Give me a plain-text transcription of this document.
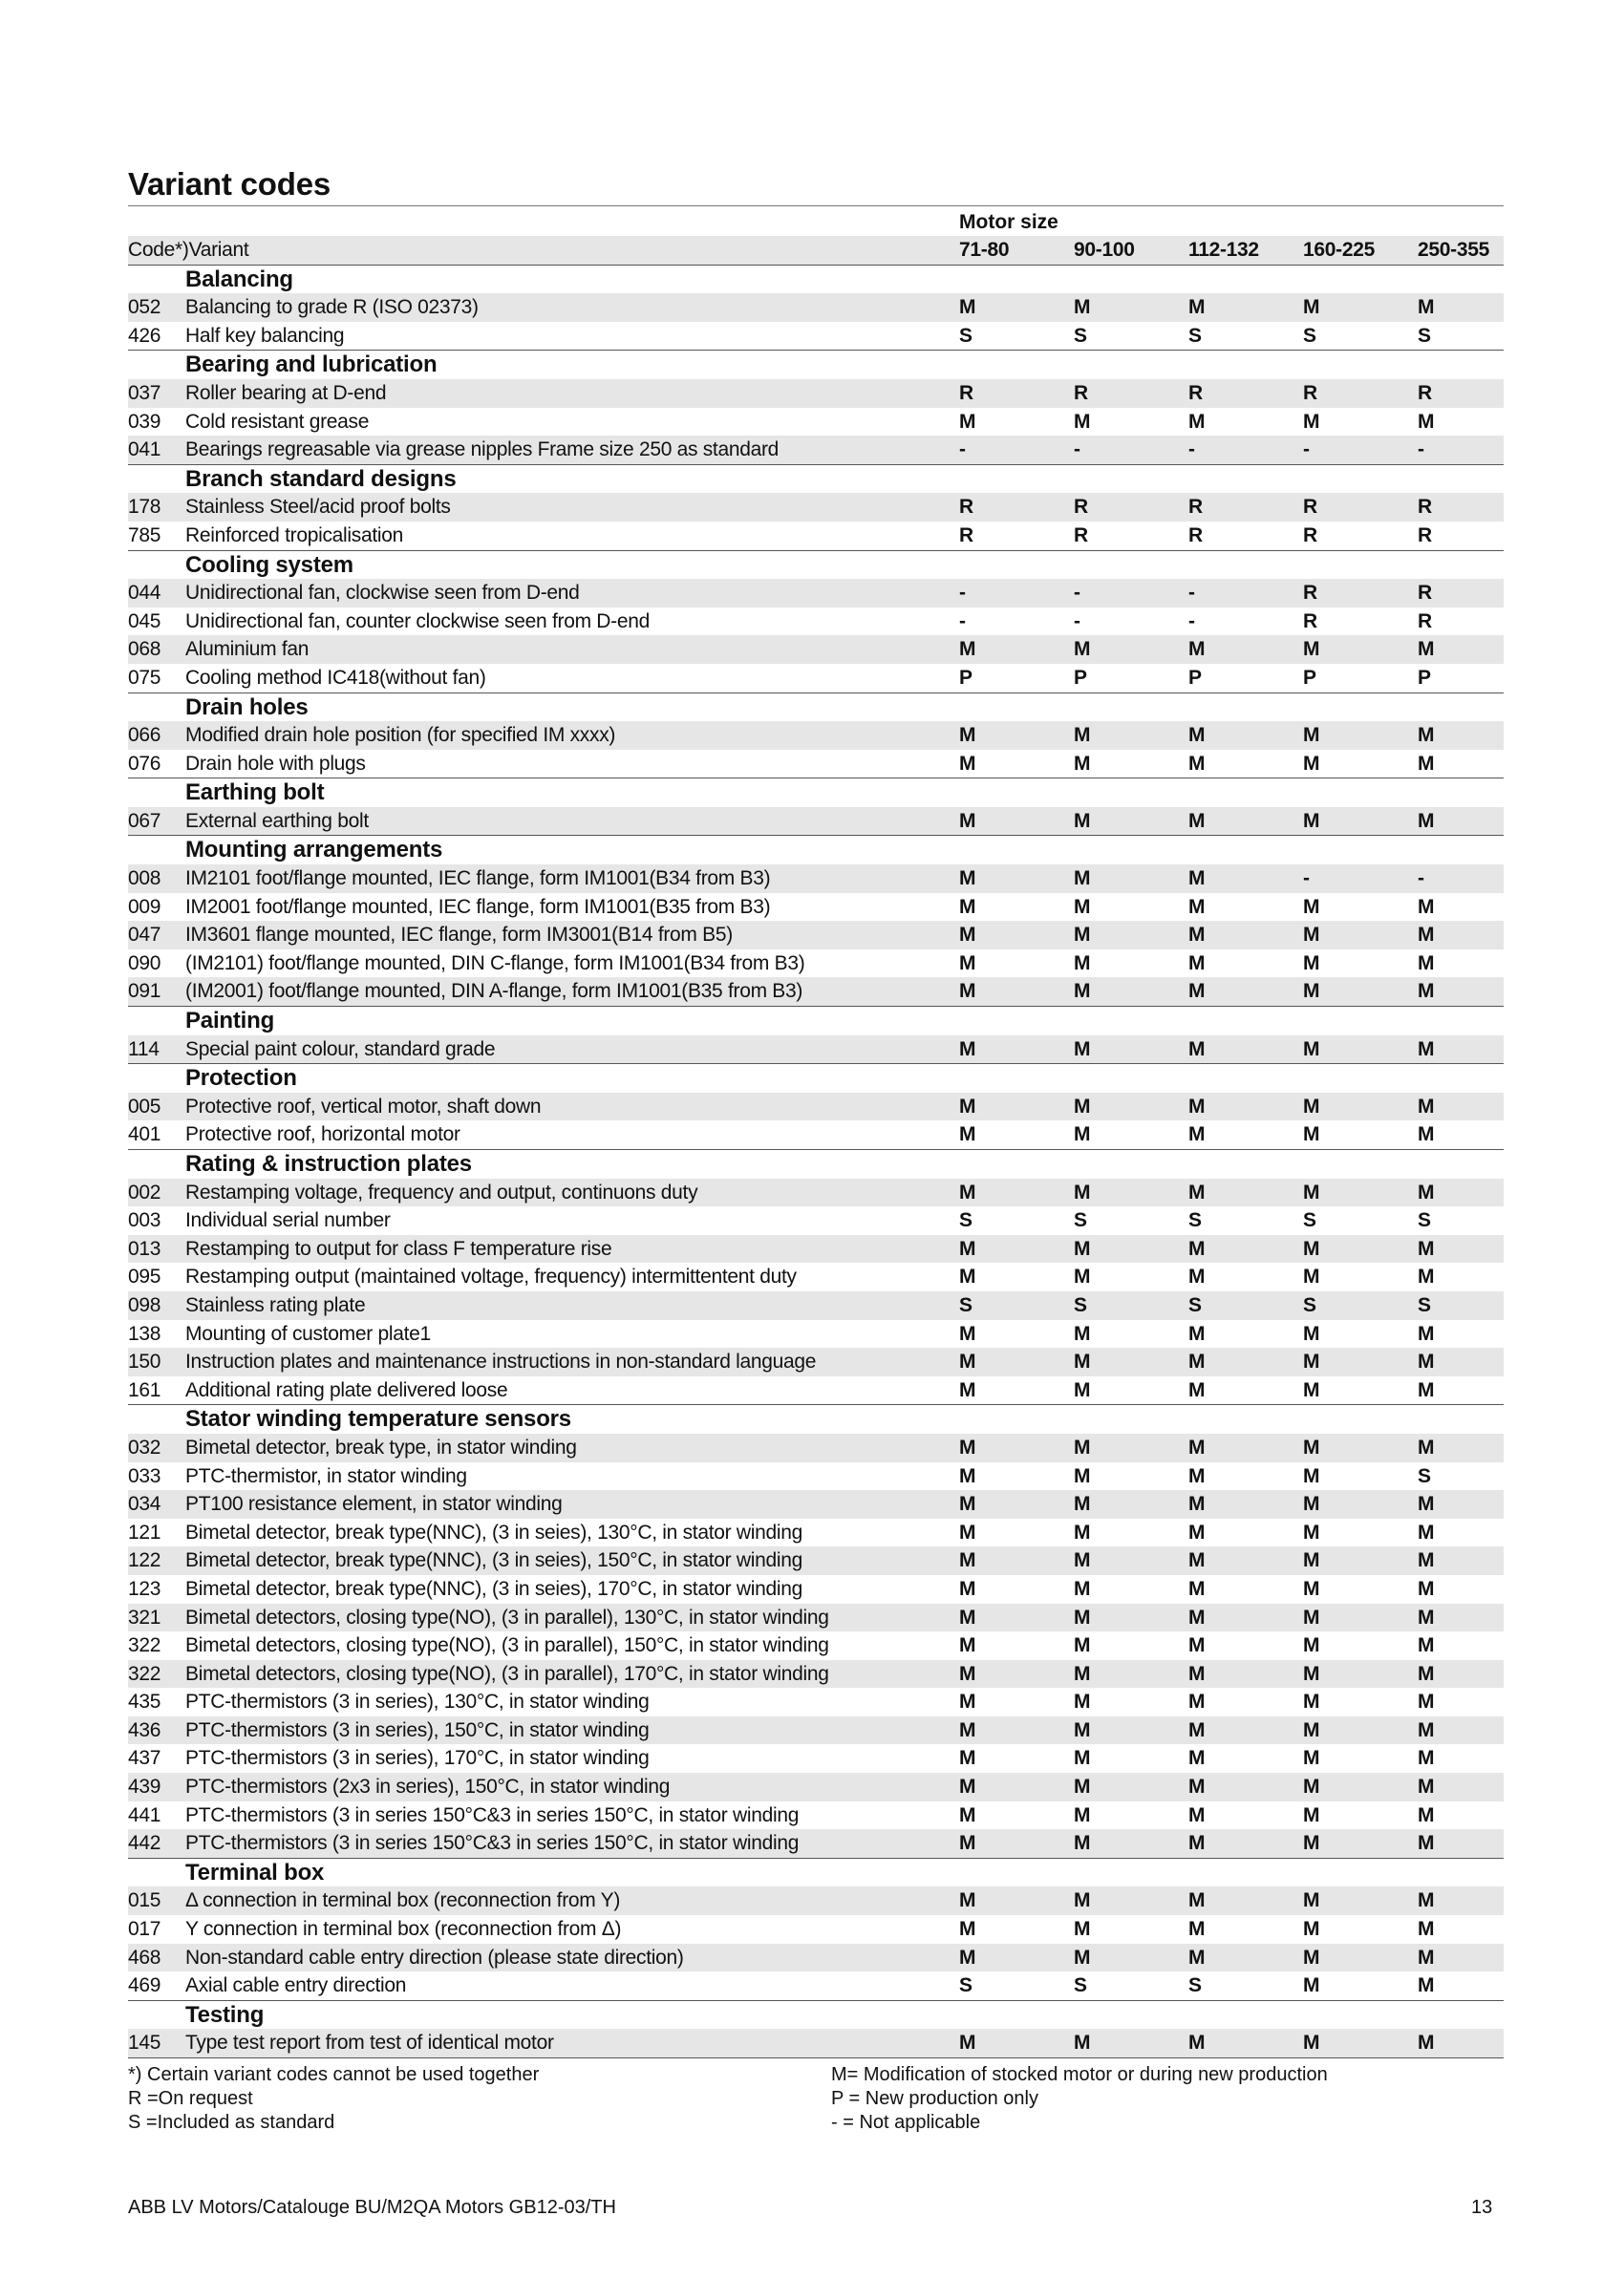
Variant codes
Motor size
Code*)Variant	71-80	90-100	112-132 160-225 250-355
Balancing
052 Balancing to grade R (ISO 02373)	M	M	M	M	M
426 Half key balancing	S	S	S	S	S
Bearing and lubrication
037 Roller bearing at D-end	R	R	R	R	R
039 Cold resistant grease	M	M	M	M	M
041 Bearings regreasable via grease nipples Frame size 250 as standard	-	-	-	-	-
Branch standard designs
178 Stainless Steel/acid proof bolts	R	R	R	R	R
785 Reinforced tropicalisation	R	R	R	R	R
Cooling system
044 Unidirectional fan, clockwise seen from D-end	-	-	-	R	R
045 Unidirectional fan, counter clockwise seen from D-end	-	-	-	R	R
068 Aluminium fan	M	M	M	M	M
075 Cooling method IC418(without fan)	P	P	P	P	P
Drain holes
066 Modified drain hole position (for specified IM xxxx)	M	M	M	M	M
076 Drain hole with plugs	M	M	M	M	M
Earthing bolt
067 External earthing bolt	M	M	M	M	M
Mounting arrangements
008 IM2101 foot/flange mounted, IEC flange, form IM1001(B34 from B3)	M	M	M	-	-
009 IM2001 foot/flange mounted, IEC flange, form IM1001(B35 from B3)	M	M	M	M	M
047 IM3601 flange mounted, IEC flange, form IM3001(B14 from B5)	M	M	M	M	M
090 (IM2101) foot/flange mounted, DIN C-flange, form IM1001(B34 from B3)	M	M	M	M	M
091 (IM2001) foot/flange mounted, DIN A-flange, form IM1001(B35 from B3)	M	M	M	M	M
Painting
114 Special paint colour, standard grade	M	M	M	M	M
Protection
005 Protective roof, vertical motor, shaft down	M	M	M	M	M
401 Protective roof, horizontal motor	M	M	M	M	M
Rating & instruction plates
002 Restamping voltage, frequency and output, continuons duty	M	M	M	M	M
003 Individual serial number	S	S	S	S	S
013 Restamping to output for class F temperature rise	M	M	M	M	M
095 Restamping output (maintained voltage, frequency) intermittentent duty	M	M	M	M	M
098 Stainless rating plate	S	S	S	S	S
138 Mounting of customer plate1	M	M	M	M	M
150 Instruction plates and maintenance instructions in non-standard language	M	M	M	M	M
161 Additional rating plate delivered loose	M	M	M	M	M
Stator winding temperature sensors
032 Bimetal detector, break type, in stator winding	M	M	M	M	M
033 PTC-thermistor, in stator winding	M	M	M	M	S
034 PT100 resistance element, in stator winding	M	M	M	M	M
121 Bimetal detector, break type(NNC), (3 in seies), 130°C, in stator winding	M	M	M	M	M
122 Bimetal detector, break type(NNC), (3 in seies), 150°C, in stator winding	M	M	M	M	M
123 Bimetal detector, break type(NNC), (3 in seies), 170°C, in stator winding	M	M	M	M	M
321 Bimetal detectors, closing type(NO), (3 in parallel), 130°C, in stator winding	M	M	M	M	M
322 Bimetal detectors, closing type(NO), (3 in parallel), 150°C, in stator winding	M	M	M	M	M
322 Bimetal detectors, closing type(NO), (3 in parallel), 170°C, in stator winding	M	M	M	M	M
435 PTC-thermistors (3 in series), 130°C, in stator winding	M	M	M	M	M
436 PTC-thermistors (3 in series), 150°C, in stator winding	M	M	M	M	M
437 PTC-thermistors (3 in series), 170°C, in stator winding	M	M	M	M	M
439 PTC-thermistors (2x3 in series), 150°C, in stator winding	M	M	M	M	M
441 PTC-thermistors (3 in series 150°C&3 in series 150°C, in stator winding	M	M	M	M	M
442 PTC-thermistors (3 in series 150°C&3 in series 150°C, in stator winding	M	M	M	M	M
Terminal box
015 Δ connection in terminal box (reconnection from Y)	M	M	M	M	M
017 Y connection in terminal box (reconnection from Δ)	M	M	M	M	M
468 Non-standard cable entry direction (please state direction)	M	M	M	M	M
469 Axial cable entry direction	S	S	S	M	M
Testing
145 Type test report from test of identical motor	M	M	M	M	M
*) Certain variant codes cannot be used together
R =On request
S =Included as standard
M= Modification of stocked motor or during new production
P = New production only
- = Not applicable
ABB LV Motors/Catalouge BU/M2QA Motors GB12-03/TH	13
